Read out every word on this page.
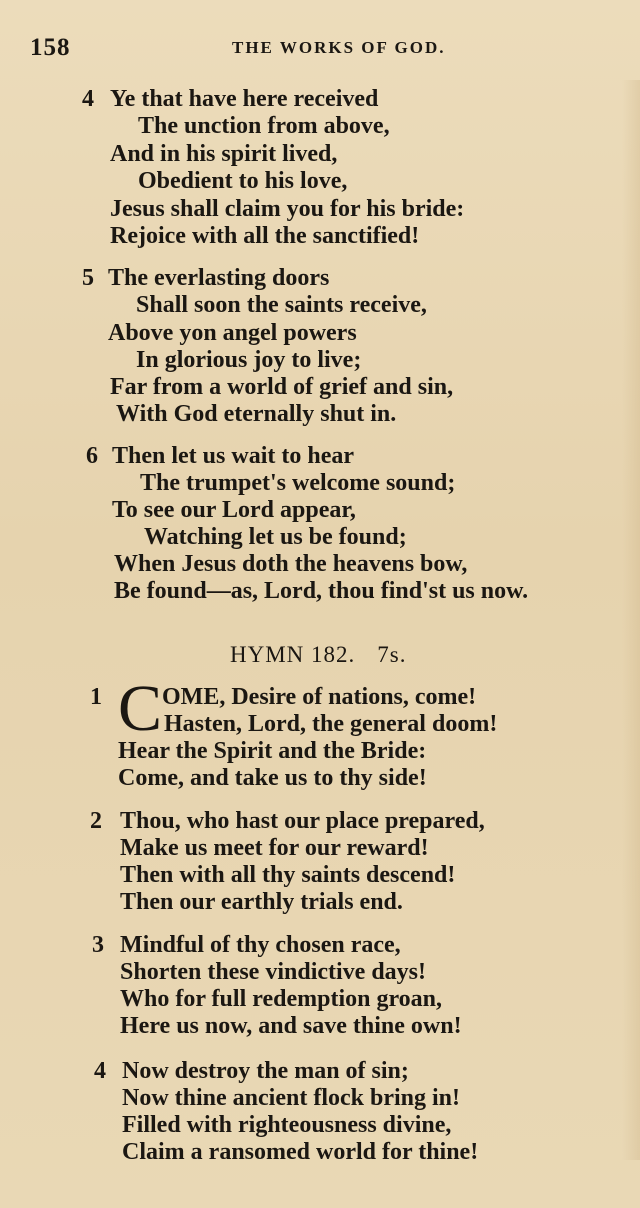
158	THE WORKS OF GOD.
4 Ye that have here received
The unction from above,
And in his spirit lived,
Obedient to his love,
Jesus shall claim you for his bride:
Rejoice with all the sanctified!
5 The everlasting doors
Shall soon the saints receive,
Above yon angel powers
In glorious joy to live;
Far from a world of grief and sin,
With God eternally shut in.
6 Then let us wait to hear
The trumpet's welcome sound;
To see our Lord appear,
Watching let us be found;
When Jesus doth the heavens bow,
Be found—as, Lord, thou find'st us now.
HYMN 182. 7s.
1 C OME, Desire of nations, come!
Hasten, Lord, the general doom!
Hear the Spirit and the Bride:
Come, and take us to thy side!
2 Thou, who hast our place prepared,
Make us meet for our reward!
Then with all thy saints descend!
Then our earthly trials end.
3 Mindful of thy chosen race,
Shorten these vindictive days!
Who for full redemption groan,
Here us now, and save thine own!
4 Now destroy the man of sin;
Now thine ancient flock bring in!
Filled with righteousness divine,
Claim a ransomed world for thine!
